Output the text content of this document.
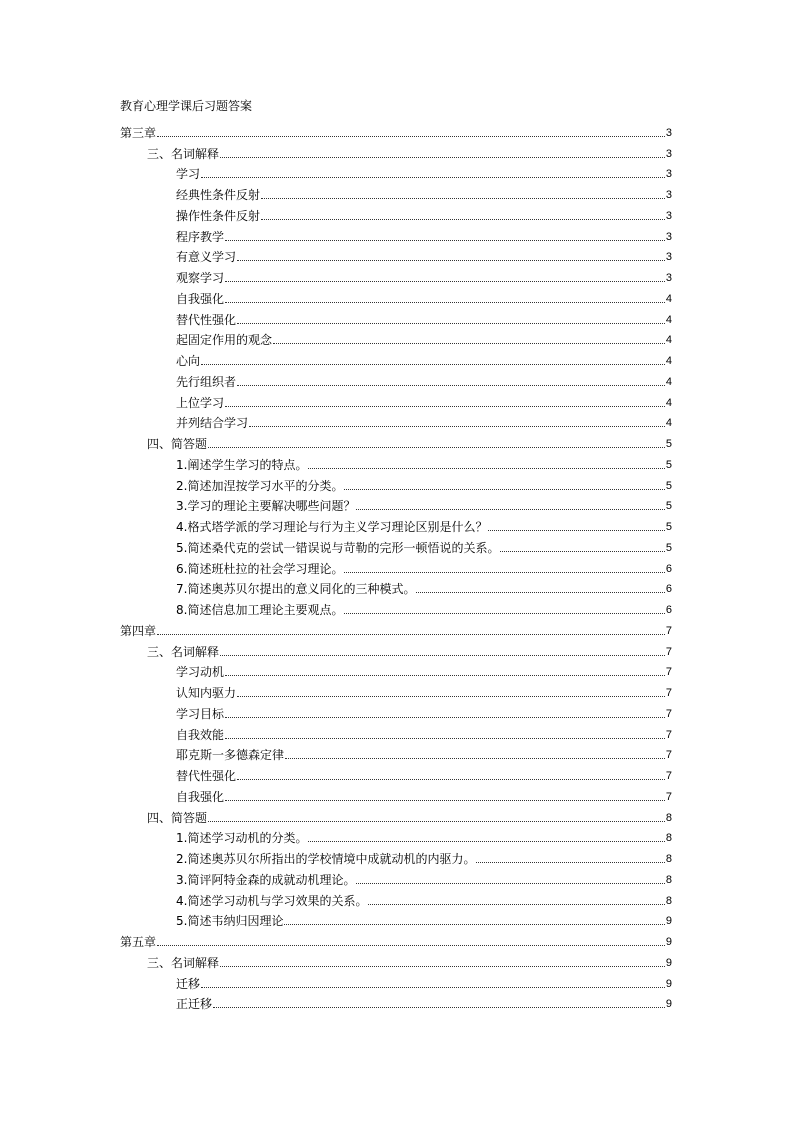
教育心理学课后习题答案
第三章	3
三、名词解释	3
学习	3
经典性条件反射	3
操作性条件反射	3
程序教学	3
有意义学习	3
观察学习	3
自我强化	4
替代性强化	4
起固定作用的观念	4
心向	4
先行组织者	4
上位学习	4
并列结合学习	4
四、简答题	5
1.阐述学生学习的特点。	5
2.简述加涅按学习水平的分类。	5
3.学习的理论主要解决哪些问题？	5
4.格式塔学派的学习理论与行为主义学习理论区别是什么？	5
5.简述桑代克的尝试一错误说与苛勒的完形一顿悟说的关系。	5
6.简述班杜拉的社会学习理论。	6
7.简述奥苏贝尔提出的意义同化的三种模式。	6
8.简述信息加工理论主要观点。	6
第四章	7
三、名词解释	7
学习动机	7
认知内驱力	7
学习目标	7
自我效能	7
耶克斯一多德森定律	7
替代性强化	7
自我强化	7
四、简答题	8
1.简述学习动机的分类。	8
2.简述奥苏贝尔所指出的学校情境中成就动机的内驱力。	8
3.简评阿特金森的成就动机理论。	8
4.简述学习动机与学习效果的关系。	8
5.简述韦纳归因理论	9
第五章	9
三、名词解释	9
迁移	9
正迁移	9
